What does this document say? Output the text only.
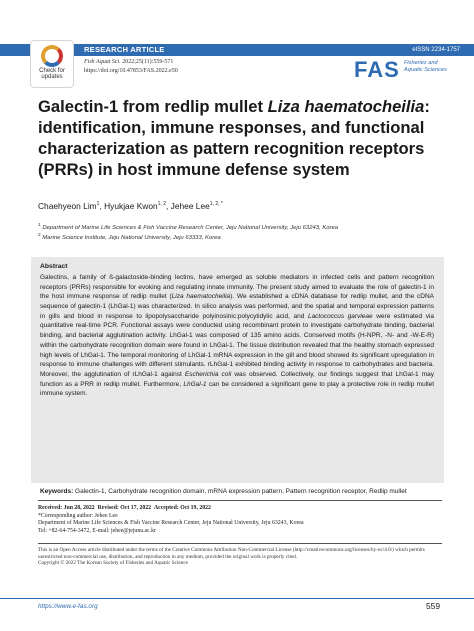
Check for
updates
RESEARCH ARTICLE	eISSN 2234-1757
Fish Aquat Sci. 2022;25(11):559-571
https://doi.org/10.47853/FAS.2022.e50	FAS Fisheries and
Aquatic Sciences
Galectin-1 from redlip mullet Liza haematocheilia: identification, immune responses, and functional characterization as pattern recognition receptors (PRRs) in host immune defense system
Chaehyeon Lim$^1$, Hyukjae Kwon$^{1, 2}$, Jehee Lee$^{1, 2, *}$
$^1$ Department of Marine Life Sciences & Fish Vaccine Research Center, Jeju National University, Jeju 63243, Korea
$^2$ Marine Science Institute, Jeju National University, Jeju 63333, Korea
Abstract
Galectins, a family of ß-galactoside-binding lectins, have emerged as soluble mediators in infected cells and pattern recognition receptors (PRRs) responsible for evoking and regulating innate immunity. The present study aimed to evaluate the role of galectin-1 in the host immune response of redlip mullet (Liza haematocheilia). We established a cDNA database for redlip mullet, and the cDNA sequence of galectin-1 (LhGal-1) was characterized. In silico analysis was performed, and the spatial and temporal expression patterns in gills and blood in response to lipopolysaccharide polyinosinic:polycytidylic acid, and Lactococcus garvieae were estimated via quantitative real-time PCR. Functional assays were conducted using recombinant protein to investigate carbohydrate binding, bacterial binding, and bacterial agglutination activity. LhGal-1 was composed of 135 amino acids. Conserved motifs (H-NPR, -N- and -W-E-R) within the carbohydrate recognition domain were found in LhGal-1. The tissue distribution revealed that the healthy stomach expressed high levels of LhGal-1. The temporal monitoring of LhGal-1 mRNA expression in the gill and blood showed its significant upregulation in response to immune challenges with different stimulants. rLhGal-1 exhibited binding activity in response to carbohydrates and bacteria. Moreover, the agglutination of rLhGal-1 against Escherichia coli was observed. Collectively, our findings suggest that LhGal-1 may function as a PRR in redlip mullet. Furthermore, LhGal-1 can be considered a significant gene to play a protective role in redlip mullet immune system.
Keywords: Galectin-1, Carbohydrate recognition domain, mRNA expression pattern, Pattern recognition receptor, Redlip mullet
Received: Jun 28, 2022 Revised: Oct 17, 2022 Accepted: Oct 19, 2022
*Corresponding author: Jehee Lee
Department of Marine Life Sciences & Fish Vaccine Research Center, Jeju National University, Jeju 63243, Korea
Tel: +82-64-754-3472, E-mail: jehee@jejunu.ac.kr
This is an Open Access article distributed under the terms of the Creative Commons Attribution Non-Commercial License (http://creativecommons.org/licenses/by-nc/4.0/) which permits unrestricted non-commercial use, distribution, and reproduction in any medium, provided the original work is properly cited.
Copyright © 2022 The Korean Society of Fisheries and Aquatic Science
https://www.e-fas.org	559
